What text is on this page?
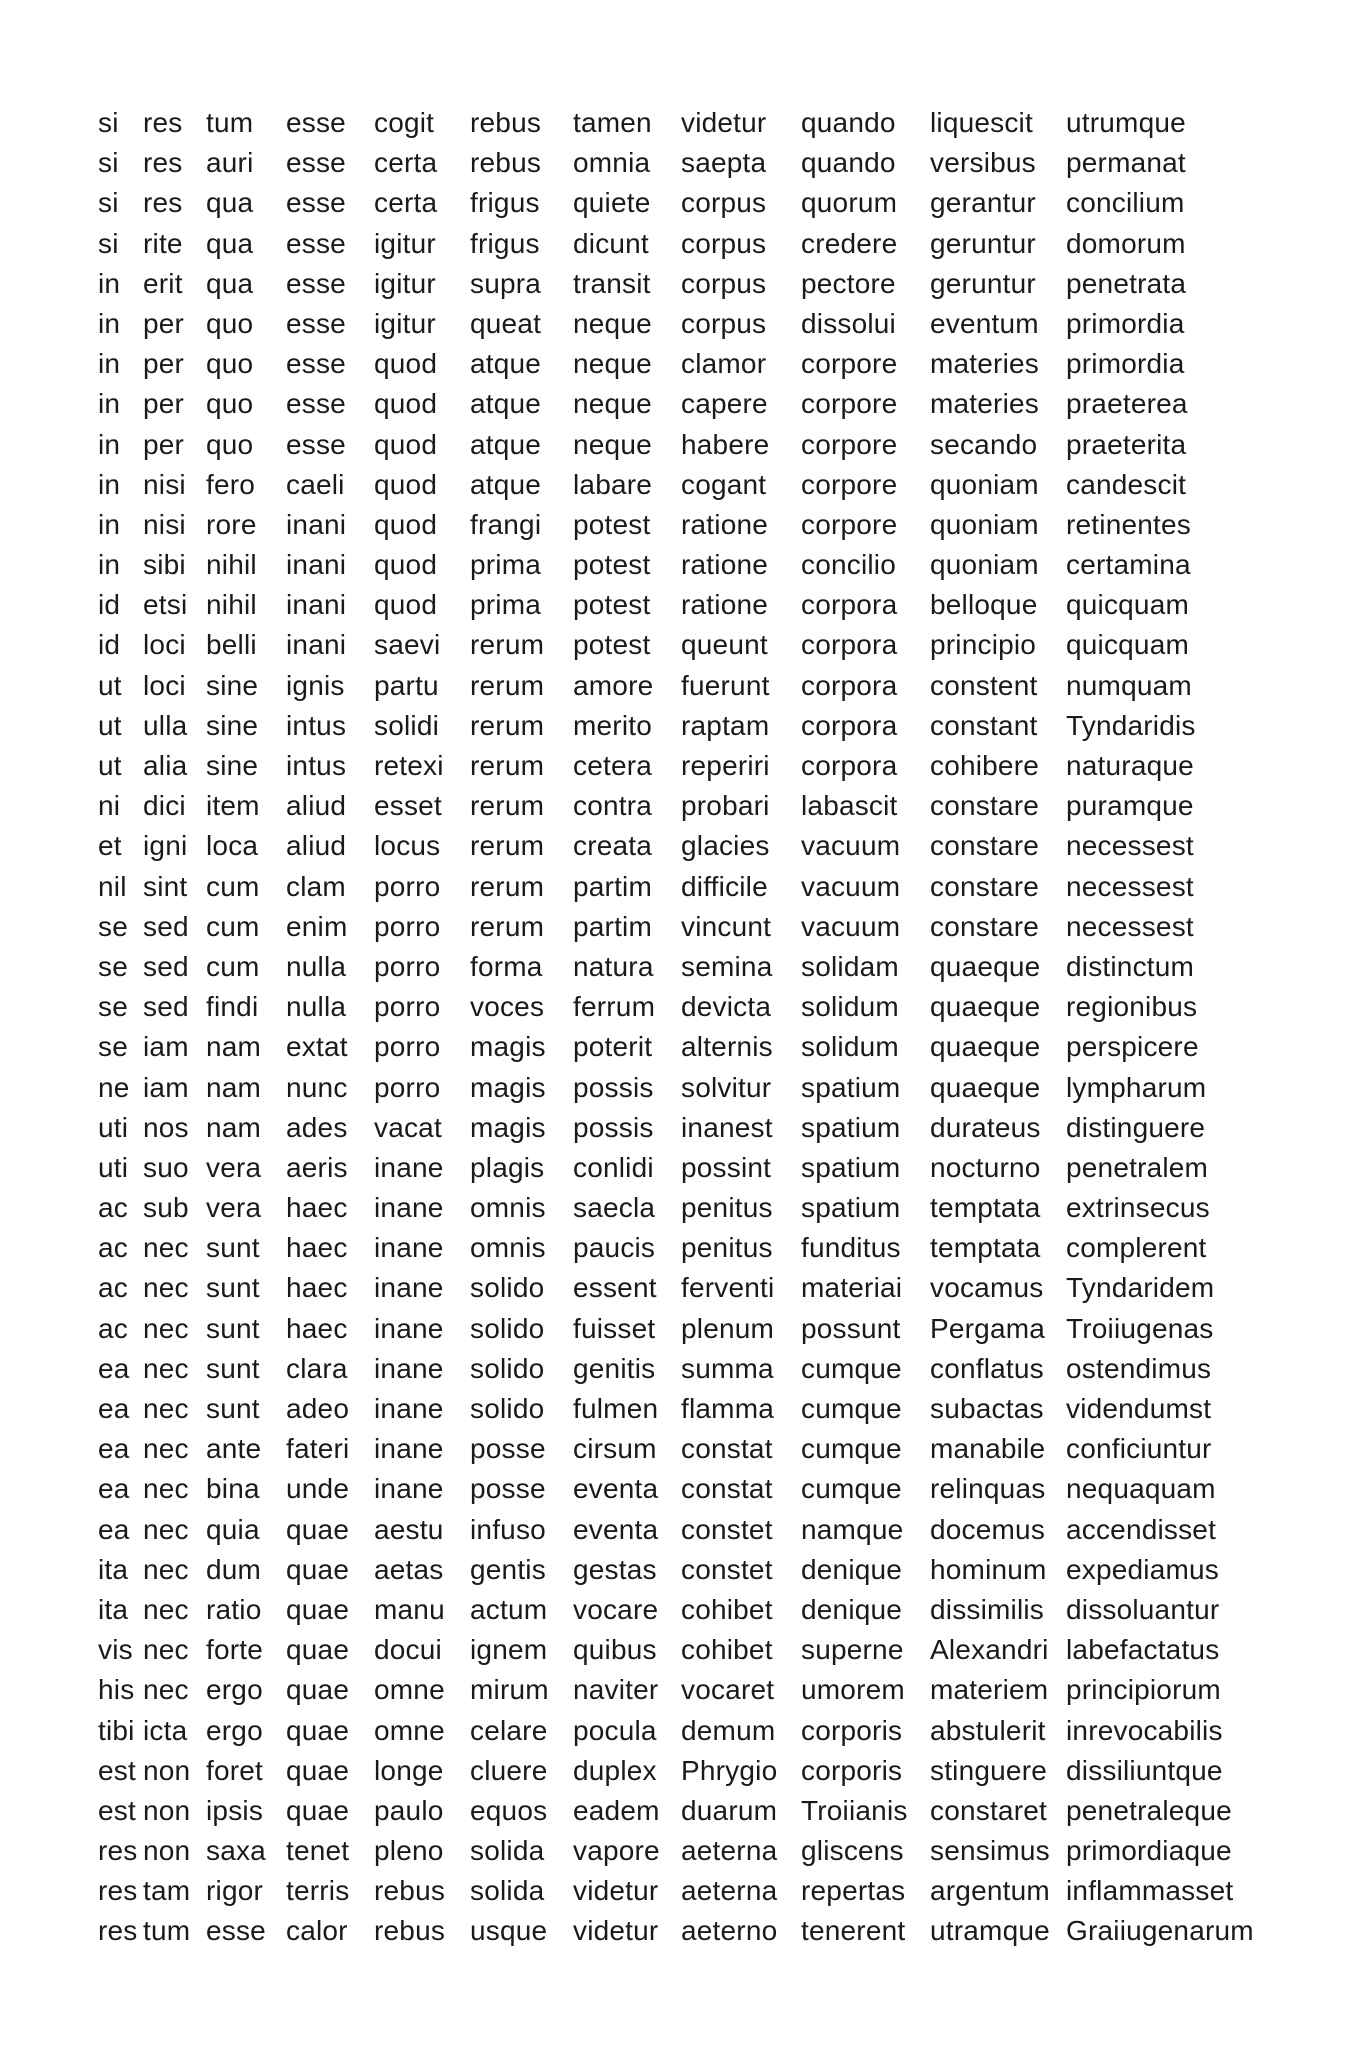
si res tum esse cogit rebus tamen videtur quando liquescit utrumque
si res auri esse certa rebus omnia saepta quando versibus permanat
si res qua esse certa frigus quiete corpus quorum gerantur concilium
si rite qua esse igitur frigus dicunt corpus credere geruntur domorum
in erit qua esse igitur supra transit corpus pectore geruntur penetrata
in per quo esse igitur queat neque corpus dissolui eventum primordia
in per quo esse quod atque neque clamor corpore materies primordia
in per quo esse quod atque neque capere corpore materies praeterea
in per quo esse quod atque neque habere corpore secando praeterita
in nisi fero caeli quod atque labare cogant corpore quoniam candescit
in nisi rore inani quod frangi potest ratione corpore quoniam retinentes
in sibi nihil inani quod prima potest ratione concilio quoniam certamina
id etsi nihil inani quod prima potest ratione corpora belloque quicquam
id loci belli inani saevi rerum potest queunt corpora principio quicquam
ut loci sine ignis partu rerum amore fuerunt corpora constent numquam
ut ulla sine intus solidi rerum merito raptam corpora constant Tyndaridis
ut alia sine intus retexi rerum cetera reperiri corpora cohibere naturaque
ni dici item aliud esset rerum contra probari labascit constare puramque
et igni loca aliud locus rerum creata glacies vacuum constare necessest
nil sint cum clam porro rerum partim difficile vacuum constare necessest
se sed cum enim porro rerum partim vincunt vacuum constare necessest
se sed cum nulla porro forma natura semina solidam quaeque distinctum
se sed findi nulla porro voces ferrum devicta solidum quaeque regionibus
se iam nam extat porro magis poterit alternis solidum quaeque perspicere
ne iam nam nunc porro magis possis solvitur spatium quaeque lympharum
uti nos nam ades vacat magis possis inanest spatium durateus distinguere
uti suo vera aeris inane plagis conlidi possint spatium nocturno penetralem
ac sub vera haec inane omnis saecla penitus spatium temptata extrinsecus
ac nec sunt haec inane omnis paucis penitus funditus temptata complerent
ac nec sunt haec inane solido essent ferventi materiai vocamus Tyndaridem
ac nec sunt haec inane solido fuisset plenum possunt Pergama Troiiugenas
ea nec sunt clara inane solido genitis summa cumque conflatus ostendimus
ea nec sunt adeo inane solido fulmen flamma cumque subactas videndumst
ea nec ante fateri inane posse cirsum constat cumque manabile conficiuntur
ea nec bina unde inane posse eventa constat cumque relinquas nequaquam
ea nec quia quae aestu infuso eventa constet namque docemus accendisset
ita nec dum quae aetas gentis gestas constet denique hominum expediamus
ita nec ratio quae manu actum vocare cohibet denique dissimilis dissoluantur
vis nec forte quae docui ignem quibus cohibet superne Alexandri labefactatus
his nec ergo quae omne mirum naviter vocaret umorem materiem principiorum
tibi icta ergo quae omne celare pocula demum corporis abstulerit inrevocabilis
est non foret quae longe cluere duplex Phrygio corporis stinguere dissiliuntque
est non ipsis quae paulo equos eadem duarum Troiianis constaret penetraleque
res non saxa tenet pleno solida vapore aeterna gliscens sensimus primordiaque
res tam rigor terris rebus solida videtur aeterna repertas argentum inflammasset
res tum esse calor rebus usque videtur aeterno tenerent utramque Graiiugenarum
